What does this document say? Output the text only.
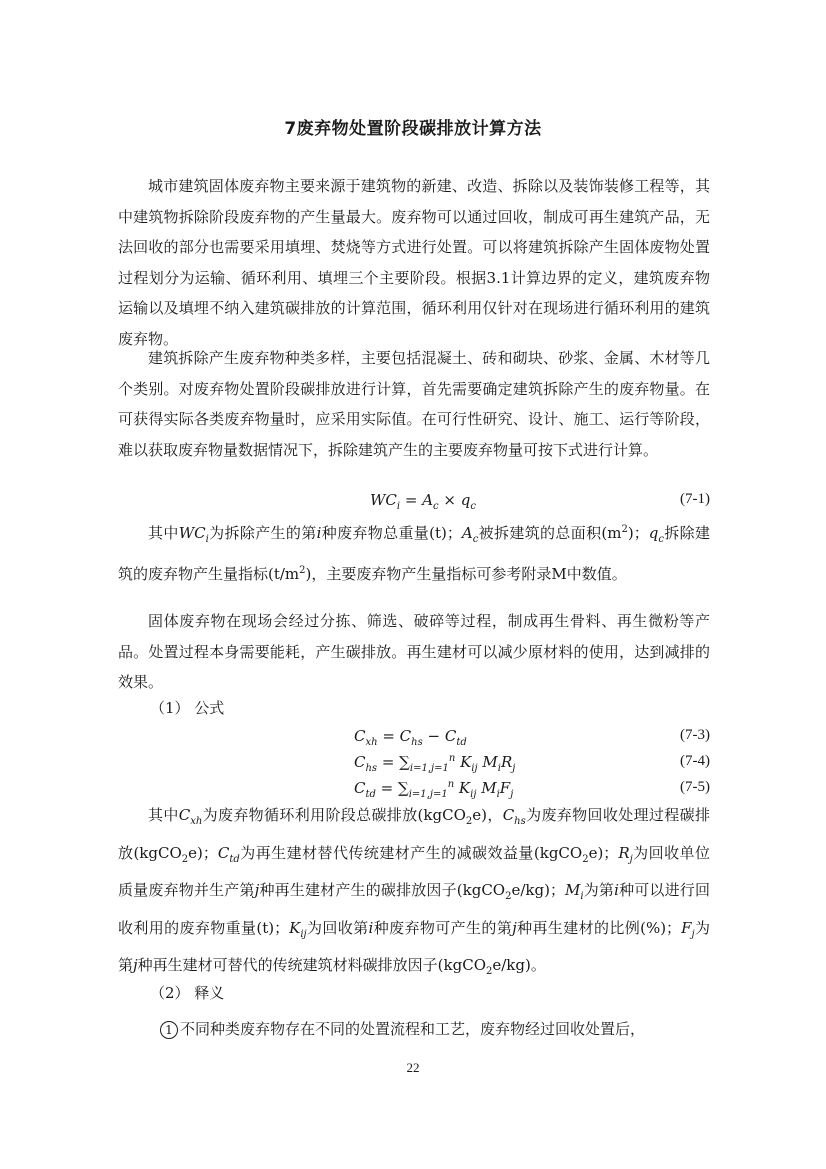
7废弃物处置阶段碳排放计算方法

城市建筑固体废弃物主要来源于建筑物的新建、改造、拆除以及装饰装修工程等，其中建筑物拆除阶段废弃物的产生量最大。废弃物可以通过回收，制成可再生建筑产品，无法回收的部分也需要采用填埋、焚烧等方式进行处置。可以将建筑拆除产生固体废物处置过程划分为运输、循环利用、填埋三个主要阶段。根据3.1计算边界的定义，建筑废弃物运输以及填埋不纳入建筑碳排放的计算范围，循环利用仅针对在现场进行循环利用的建筑废弃物。

建筑拆除产生废弃物种类多样，主要包括混凝土、砖和砌块、砂浆、金属、木材等几个类别。对废弃物处置阶段碳排放进行计算，首先需要确定建筑拆除产生的废弃物量。在可获得实际各类废弃物量时，应采用实际值。在可行性研究、设计、施工、运行等阶段，难以获取废弃物量数据情况下，拆除建筑产生的主要废弃物量可按下式进行计算。

$WC_i = A_c \times q_c$	(7-1)

其中$WC_i$为拆除产生的第i种废弃物总重量(t)；$A_c$被拆建筑的总面积$(m^2)$；$q_c$拆除建筑的废弃物产生量指标$(t/m^2)$，主要废弃物产生量指标可参考附录M中数值。

固体废弃物在现场会经过分拣、筛选、破碎等过程，制成再生骨料、再生微粉等产品。处置过程本身需要能耗，产生碳排放。再生建材可以减少原材料的使用，达到减排的效果。

（1） 公式
$C_{xh} = C_{hs} - C_{td}$	(7-3)
$C_{hs} = \sum_{i=1,j=1}^n$ $K_{ij}$ $M_iR_j$	(7-4)
$C_{td} = \sum_{i=1,j=1}^n$ $K_{ij}$ $M_iF_j$	(7-5)

其中$C_{xh}$为废弃物循环利用阶段总碳排放(kgCO$_2$e)，$C_{hs}$为废弃物回收处理过程碳排放(kgCO$_2$e)；$C_{td}$为再生建材替代传统建材产生的减碳效益量(kgCO$_2$e)；$R_j$为回收单位质量废弃物并生产第j种再生建材产生的碳排放因子(kgCO$_2$e/kg)；$M_i$为第i种可以进行回收利用的废弃物重量(t)；$K_{ij}$为回收第i种废弃物可产生的第j种再生建材的比例(%)；$F_j$为第j种再生建材可替代的传统建筑材料碳排放因子(kgCO$_2$e/kg)。

（2） 释义

1 不同种类废弃物存在不同的处置流程和工艺，废弃物经过回收处置后，

22
